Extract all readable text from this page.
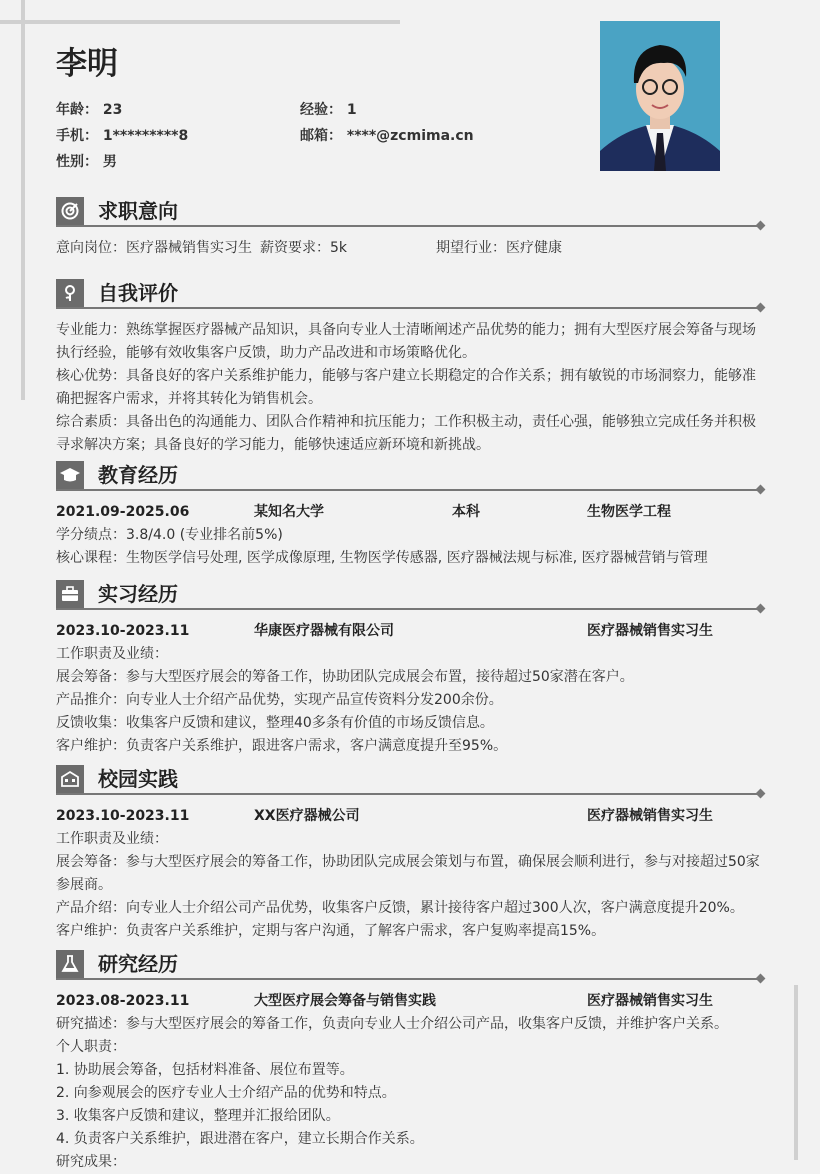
李明
年龄： 23	经验： 1
手机： 1*********8	邮箱： ****@zcmima.cn
性别： 男
求职意向
意向岗位：医疗器械销售实习生 薪资要求：5k	期望行业：医疗健康
自我评价

专业能力：熟练掌握医疗器械产品知识，具备向专业人士清晰阐述产品优势的能力；拥有大型医疗展会筹备与现场执行经验，能够有效收集客户反馈，助力产品改进和市场策略优化。

核心优势：具备良好的客户关系维护能力，能够与客户建立长期稳定的合作关系；拥有敏锐的市场洞察力，能够准确把握客户需求，并将其转化为销售机会。

综合素质：具备出色的沟通能力、团队合作精神和抗压能力；工作积极主动，责任心强，能够独立完成任务并积极寻求解决方案；具备良好的学习能力，能够快速适应新环境和新挑战。

教育经历
2021.09-2025.06	某知名大学	本科	生物医学工程

学分绩点：3.8/4.0 (专业排名前5%)

核心课程：生物医学信号处理, 医学成像原理, 生物医学传感器, 医疗器械法规与标准, 医疗器械营销与管理

实习经历
2023.10-2023.11	华康医疗器械有限公司	医疗器械销售实习生

工作职责及业绩：

展会筹备：参与大型医疗展会的筹备工作，协助团队完成展会布置，接待超过50家潜在客户。

产品推介：向专业人士介绍产品优势，实现产品宣传资料分发200余份。

反馈收集：收集客户反馈和建议，整理40多条有价值的市场反馈信息。

客户维护：负责客户关系维护，跟进客户需求，客户满意度提升至95%。

校园实践
2023.10-2023.11	XX医疗器械公司	医疗器械销售实习生

工作职责及业绩：

展会筹备：参与大型医疗展会的筹备工作，协助团队完成展会策划与布置，确保展会顺利进行，参与对接超过50家参展商。

产品介绍：向专业人士介绍公司产品优势，收集客户反馈，累计接待客户超过300人次，客户满意度提升20%。

客户维护：负责客户关系维护，定期与客户沟通，了解客户需求，客户复购率提高15%。

研究经历
2023.08-2023.11	大型医疗展会筹备与销售实践	医疗器械销售实习生

研究描述：参与大型医疗展会的筹备工作，负责向专业人士介绍公司产品，收集客户反馈，并维护客户关系。

个人职责：

1. 协助展会筹备，包括材料准备、展位布置等。

2. 向参观展会的医疗专业人士介绍产品的优势和特点。

3. 收集客户反馈和建议，整理并汇报给团队。

4. 负责客户关系维护，跟进潜在客户，建立长期合作关系。

研究成果：
